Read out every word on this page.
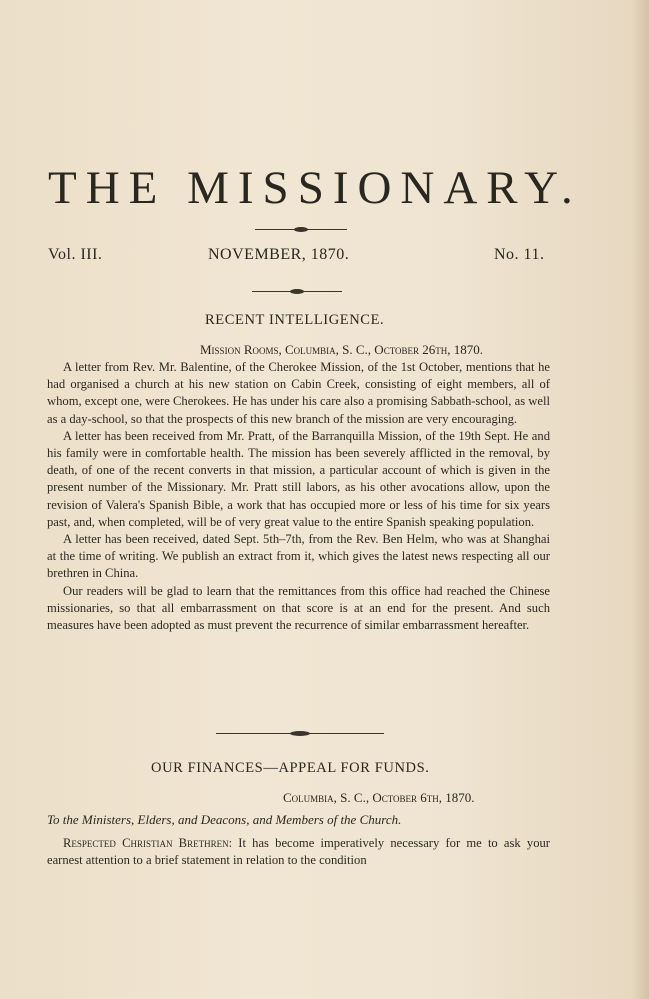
THE MISSIONARY.
Vol. III.	NOVEMBER, 1870.	No. 11.
RECENT INTELLIGENCE.
Mission Rooms, Columbia, S. C., October 26th, 1870.

A letter from Rev. Mr. Balentine, of the Cherokee Mission, of the 1st October, mentions that he had organised a church at his new station on Cabin Creek, consisting of eight members, all of whom, except one, were Cherokees. He has under his care also a promising Sabbath-school, as well as a day-school, so that the prospects of this new branch of the mission are very encouraging.

A letter has been received from Mr. Pratt, of the Barranquilla Mission, of the 19th Sept. He and his family were in comfortable health. The mission has been severely afflicted in the removal, by death, of one of the recent converts in that mission, a particular account of which is given in the present number of the Missionary. Mr. Pratt still labors, as his other avocations allow, upon the revision of Valera's Spanish Bible, a work that has occupied more or less of his time for six years past, and, when completed, will be of very great value to the entire Spanish speaking population.

A letter has been received, dated Sept. 5th–7th, from the Rev. Ben Helm, who was at Shanghai at the time of writing. We publish an extract from it, which gives the latest news respecting all our brethren in China.

Our readers will be glad to learn that the remittances from this office had reached the Chinese missionaries, so that all embarrassment on that score is at an end for the present. And such measures have been adopted as must prevent the recurrence of similar embarrassment hereafter.

OUR FINANCES—APPEAL FOR FUNDS.
Columbia, S. C., October 6th, 1870.
To the Ministers, Elders, and Deacons, and Members of the Church.

Respected Christian Brethren: It has become imperatively necessary for me to ask your earnest attention to a brief statement in relation to the condition
